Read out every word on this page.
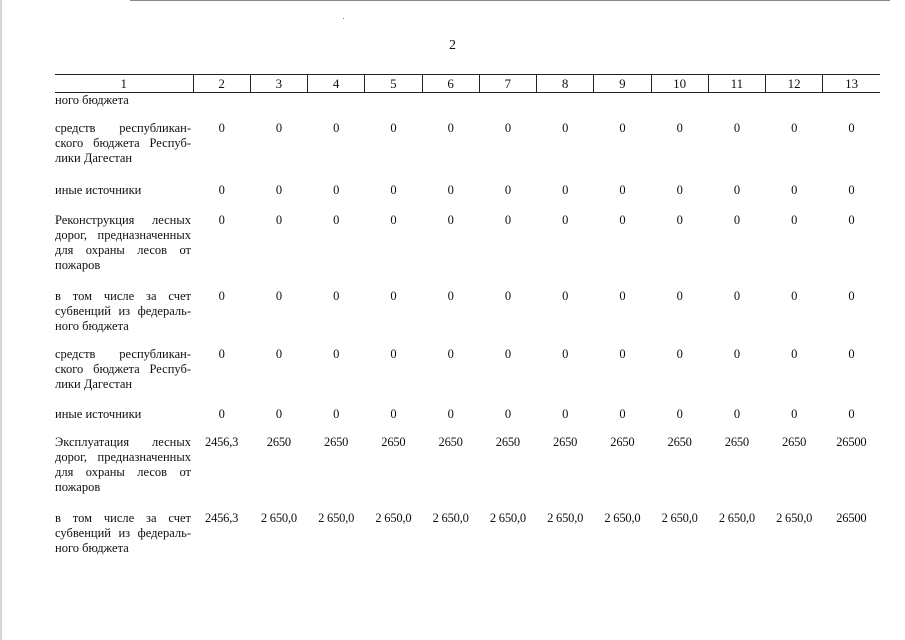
2
1	2	3	4	5	6	7	8	9	10	11	12	13
ного бюджета												
средств республикан-ского бюджета Респуб-лики Дагестан	0	0	0	0	0	0	0	0	0	0	0	0
иные источники	0	0	0	0	0	0	0	0	0	0	0	0
Реконструкция лесных дорог, предназначенных для охраны лесов от пожаров	0	0	0	0	0	0	0	0	0	0	0	0
в том числе за счет субвенций из федераль-ного бюджета	0	0	0	0	0	0	0	0	0	0	0	0
средств республикан-ского бюджета Респуб-лики Дагестан	0	0	0	0	0	0	0	0	0	0	0	0
иные источники	0	0	0	0	0	0	0	0	0	0	0	0
Эксплуатация лесных дорог, предназначенных для охраны лесов от пожаров	2456,3	2650	2650	2650	2650	2650	2650	2650	2650	2650	2650	26500
в том числе за счет субвенций из федераль-ного бюджета	2456,3	2 650,0	2 650,0	2 650,0	2 650,0	2 650,0	2 650,0	2 650,0	2 650,0	2 650,0	2 650,0	26500
